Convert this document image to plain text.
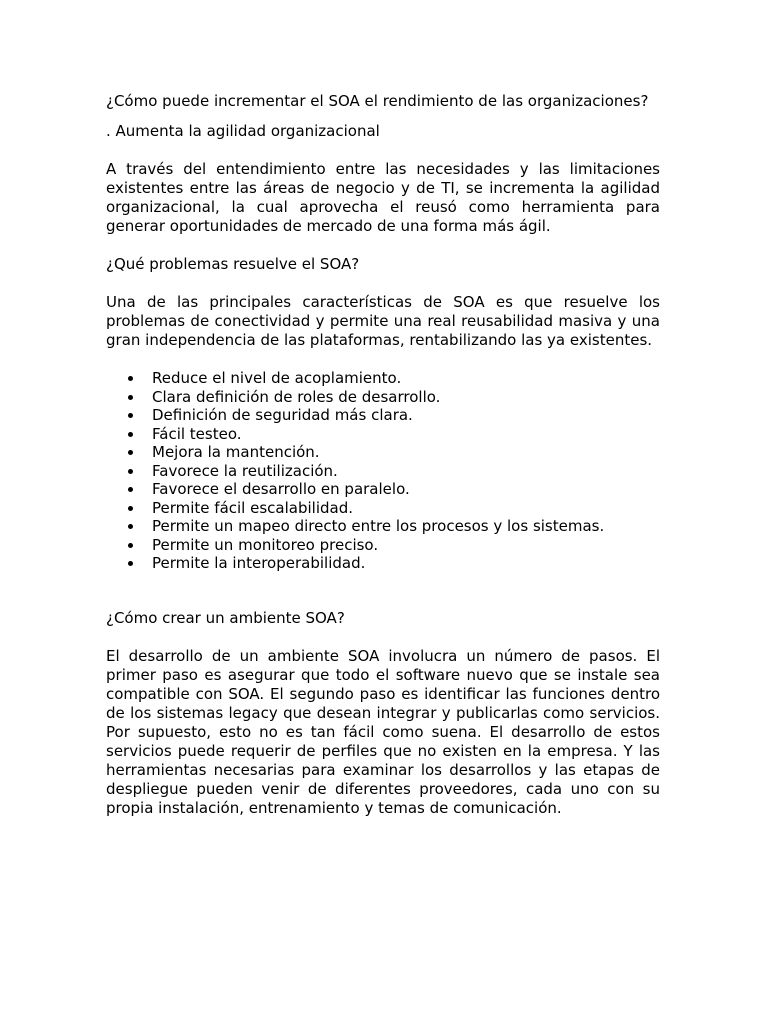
¿Cómo puede incrementar el SOA el rendimiento de las organizaciones?

. Aumenta la agilidad organizacional

A través del entendimiento entre las necesidades y las limitaciones existentes entre las áreas de negocio y de TI, se incrementa la agilidad organizacional, la cual aprovecha el reusó como herramienta para generar oportunidades de mercado de una forma más ágil.

¿Qué problemas resuelve el SOA?

Una de las principales características de SOA es que resuelve los problemas de conectividad y permite una real reusabilidad masiva y una gran independencia de las plataformas, rentabilizando las ya existentes.

Reduce el nivel de acoplamiento.
Clara definición de roles de desarrollo.
Definición de seguridad más clara.
Fácil testeo.
Mejora la mantención.
Favorece la reutilización.
Favorece el desarrollo en paralelo.
Permite fácil escalabilidad.
Permite un mapeo directo entre los procesos y los sistemas.
Permite un monitoreo preciso.
Permite la interoperabilidad.

¿Cómo crear un ambiente SOA?

El desarrollo de un ambiente SOA involucra un número de pasos. El primer paso es asegurar que todo el software nuevo que se instale sea compatible con SOA. El segundo paso es identificar las funciones dentro de los sistemas legacy que desean integrar y publicarlas como servicios. Por supuesto, esto no es tan fácil como suena. El desarrollo de estos servicios puede requerir de perfiles que no existen en la empresa. Y las herramientas necesarias para examinar los desarrollos y las etapas de despliegue pueden venir de diferentes proveedores, cada uno con su propia instalación, entrenamiento y temas de comunicación.
